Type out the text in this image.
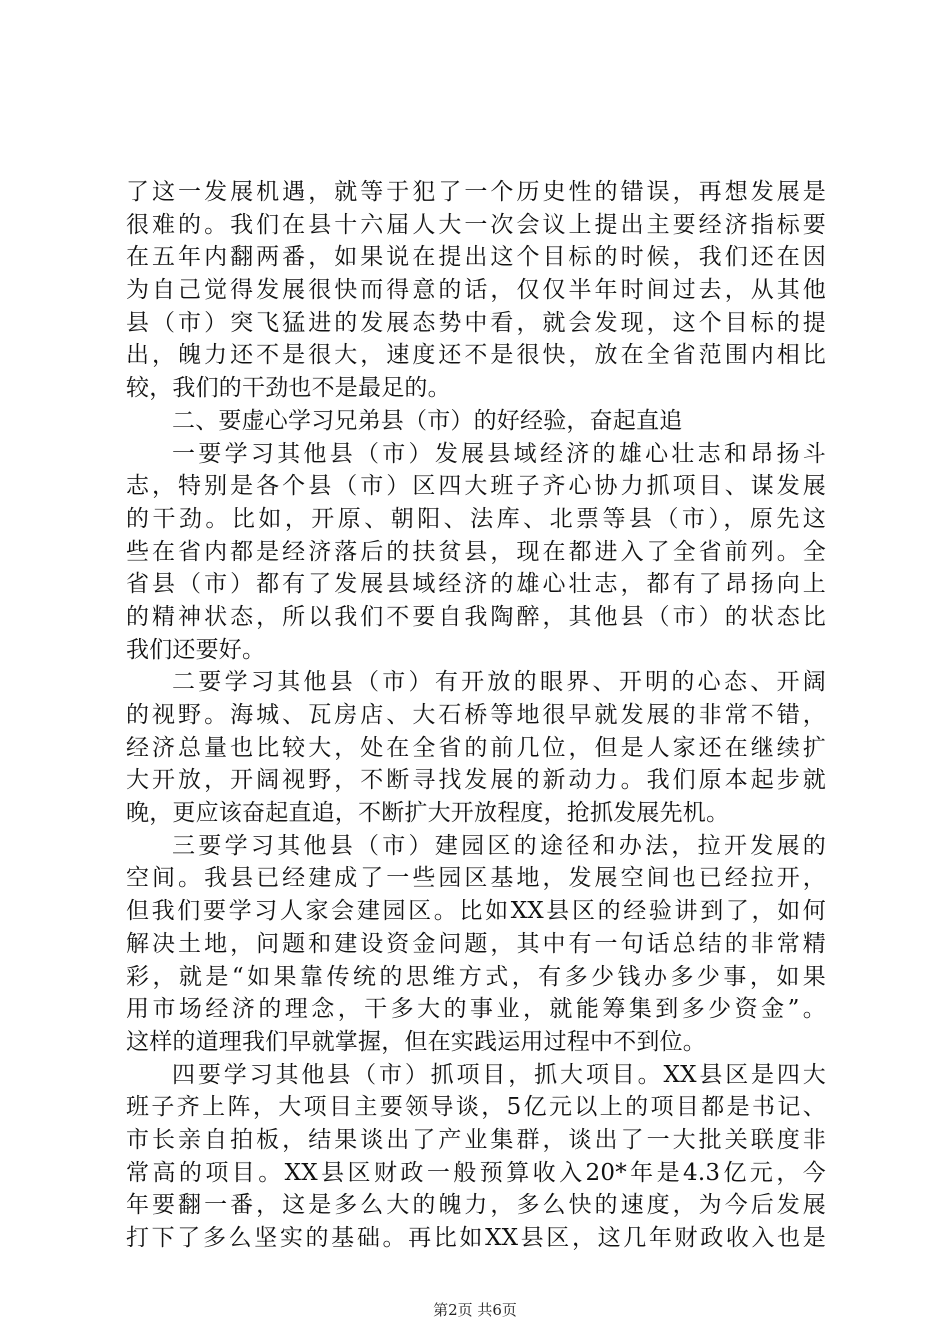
了这一发展机遇，就等于犯了一个历史性的错误，再想发展是
很难的。我们在县十六届人大一次会议上提出主要经济指标要
在五年内翻两番，如果说在提出这个目标的时候，我们还在因
为自己觉得发展很快而得意的话，仅仅半年时间过去，从其他
县（市）突飞猛进的发展态势中看，就会发现，这个目标的提
出，魄力还不是很大，速度还不是很快，放在全省范围内相比
较，我们的干劲也不是最足的。
二、要虚心学习兄弟县（市）的好经验，奋起直追
一要学习其他县（市）发展县域经济的雄心壮志和昂扬斗
志，特别是各个县（市）区四大班子齐心协力抓项目、谋发展
的干劲。比如，开原、朝阳、法库、北票等县（市），原先这
些在省内都是经济落后的扶贫县，现在都进入了全省前列。全
省县（市）都有了发展县域经济的雄心壮志，都有了昂扬向上
的精神状态，所以我们不要自我陶醉，其他县（市）的状态比
我们还要好。
二要学习其他县（市）有开放的眼界、开明的心态、开阔
的视野。海城、瓦房店、大石桥等地很早就发展的非常不错，
经济总量也比较大，处在全省的前几位，但是人家还在继续扩
大开放，开阔视野，不断寻找发展的新动力。我们原本起步就
晚，更应该奋起直追，不断扩大开放程度，抢抓发展先机。
三要学习其他县（市）建园区的途径和办法，拉开发展的
空间。我县已经建成了一些园区基地，发展空间也已经拉开，
但我们要学习人家会建园区。比如XX县区的经验讲到了，如何
解决土地，问题和建设资金问题，其中有一句话总结的非常精
彩，就是“如果靠传统的思维方式，有多少钱办多少事，如果
用市场经济的理念，干多大的事业，就能筹集到多少资金”。
这样的道理我们早就掌握，但在实践运用过程中不到位。
四要学习其他县（市）抓项目，抓大项目。XX县区是四大
班子齐上阵，大项目主要领导谈，5亿元以上的项目都是书记、
市长亲自拍板，结果谈出了产业集群，谈出了一大批关联度非
常高的项目。XX县区财政一般预算收入20*年是4.3亿元，今
年要翻一番，这是多么大的魄力，多么快的速度，为今后发展
打下了多么坚实的基础。再比如XX县区，这几年财政收入也是
第2页 共6页
